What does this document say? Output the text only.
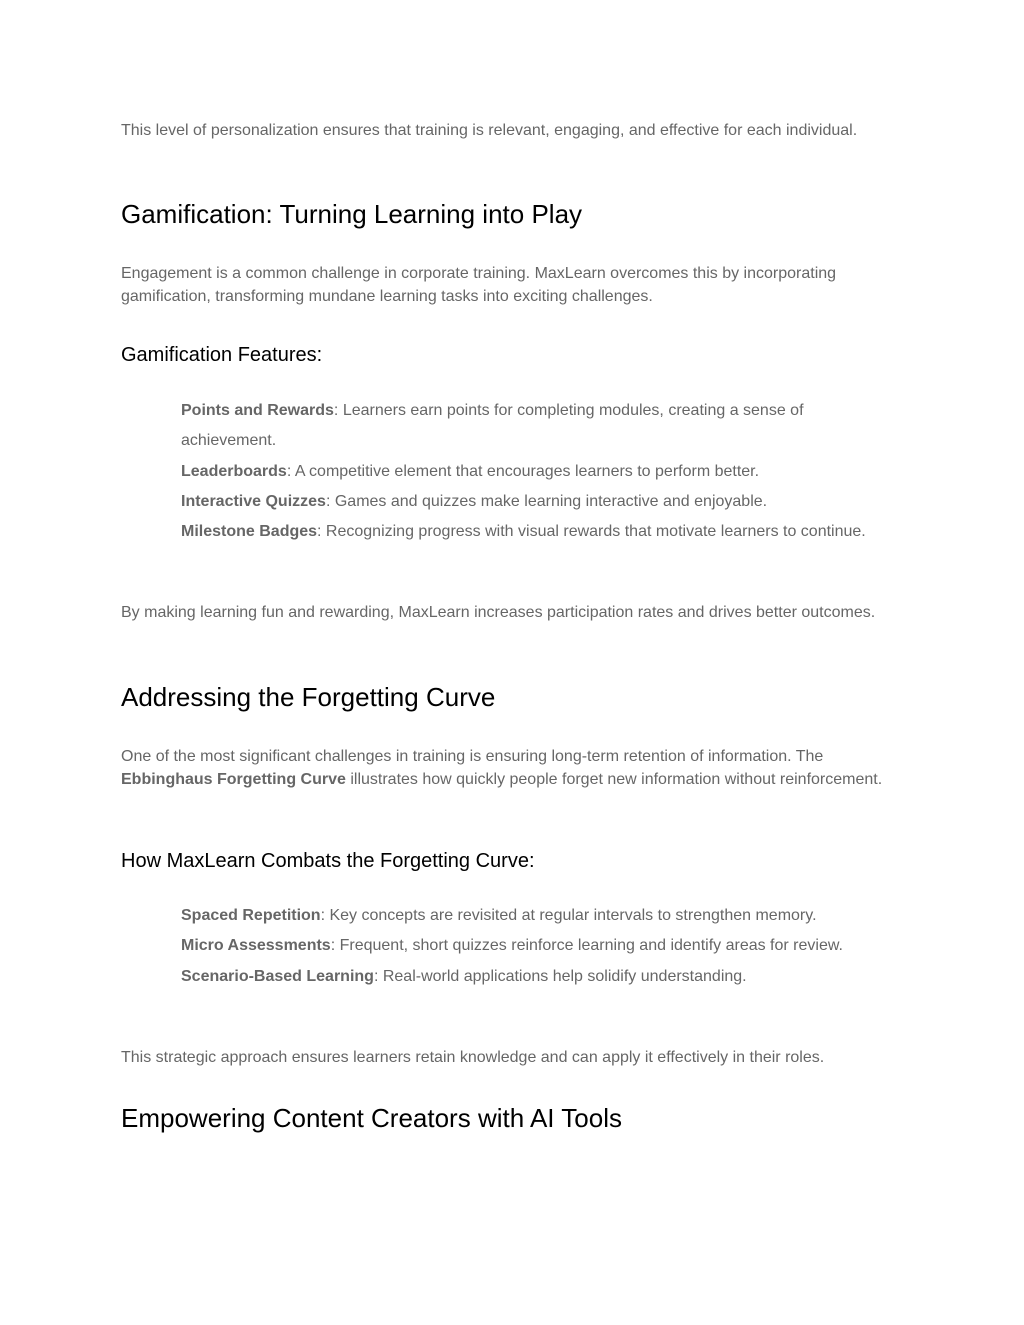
This level of personalization ensures that training is relevant, engaging, and effective for each individual.

Gamification: Turning Learning into Play

Engagement is a common challenge in corporate training. MaxLearn overcomes this by incorporating gamification, transforming mundane learning tasks into exciting challenges.

Gamification Features:
Points and Rewards: Learners earn points for completing modules, creating a sense of achievement.
Leaderboards: A competitive element that encourages learners to perform better.
Interactive Quizzes: Games and quizzes make learning interactive and enjoyable.
Milestone Badges: Recognizing progress with visual rewards that motivate learners to continue.

By making learning fun and rewarding, MaxLearn increases participation rates and drives better outcomes.

Addressing the Forgetting Curve

One of the most significant challenges in training is ensuring long-term retention of information. The Ebbinghaus Forgetting Curve illustrates how quickly people forget new information without reinforcement.

How MaxLearn Combats the Forgetting Curve:
Spaced Repetition: Key concepts are revisited at regular intervals to strengthen memory.
Micro Assessments: Frequent, short quizzes reinforce learning and identify areas for review.
Scenario-Based Learning: Real-world applications help solidify understanding.

This strategic approach ensures learners retain knowledge and can apply it effectively in their roles.

Empowering Content Creators with AI Tools
